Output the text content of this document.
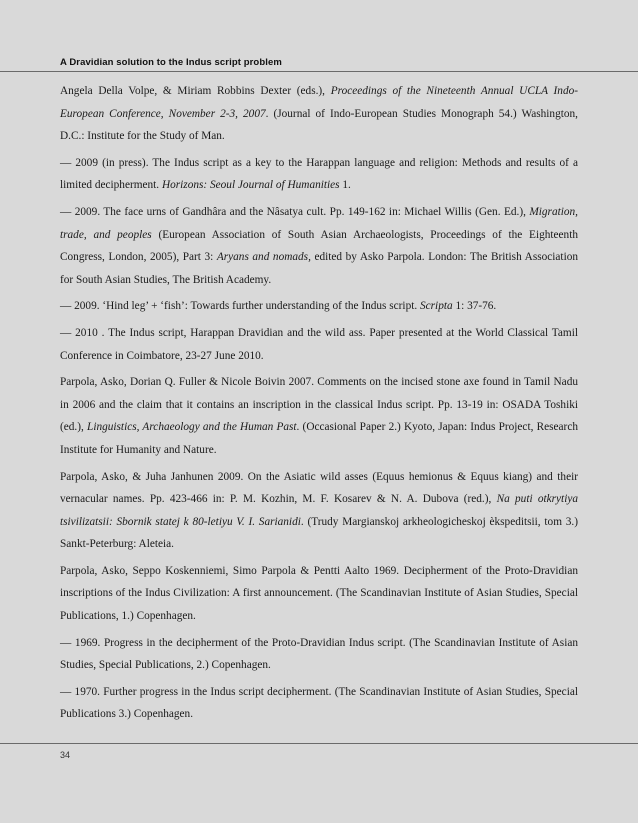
A Dravidian solution to the Indus script problem

Angela Della Volpe, & Miriam Robbins Dexter (eds.), Proceedings of the Nineteenth Annual UCLA Indo-European Conference, November 2-3, 2007. (Journal of Indo-European Studies Monograph 54.) Washington, D.C.: Institute for the Study of Man.

— 2009 (in press). The Indus script as a key to the Harappan language and religion: Methods and results of a limited decipherment. Horizons: Seoul Journal of Humanities 1.

— 2009. The face urns of Gandhâra and the Nâsatya cult. Pp. 149-162 in: Michael Willis (Gen. Ed.), Migration, trade, and peoples (European Association of South Asian Archaeologists, Proceedings of the Eighteenth Congress, London, 2005), Part 3: Aryans and nomads, edited by Asko Parpola. London: The British Association for South Asian Studies, The British Academy.

— 2009. ‘Hind leg’ + ‘fish’: Towards further understanding of the Indus script. Scripta 1: 37-76.

— 2010 . The Indus script, Harappan Dravidian and the wild ass. Paper presented at the World Classical Tamil Conference in Coimbatore, 23-27 June 2010.

Parpola, Asko, Dorian Q. Fuller & Nicole Boivin 2007. Comments on the incised stone axe found in Tamil Nadu in 2006 and the claim that it contains an inscription in the classical Indus script. Pp. 13-19 in: OSADA Toshiki (ed.), Linguistics, Archaeology and the Human Past. (Occasional Paper 2.) Kyoto, Japan: Indus Project, Research Institute for Humanity and Nature.

Parpola, Asko, & Juha Janhunen 2009. On the Asiatic wild asses (Equus hemionus & Equus kiang) and their vernacular names. Pp. 423-466 in: P. M. Kozhin, M. F. Kosarev & N. A. Dubova (red.), Na puti otkrytiya tsivilizatsii: Sbornik statej k 80-letiyu V. I. Sarianidi. (Trudy Margianskoj arkheologicheskoj èkspeditsii, tom 3.) Sankt-Peterburg: Aleteia.

Parpola, Asko, Seppo Koskenniemi, Simo Parpola & Pentti Aalto 1969. Decipherment of the Proto-Dravidian inscriptions of the Indus Civilization: A first announcement. (The Scandinavian Institute of Asian Studies, Special Publications, 1.) Copenhagen.

— 1969. Progress in the decipherment of the Proto-Dravidian Indus script. (The Scandinavian Institute of Asian Studies, Special Publications, 2.) Copenhagen.

— 1970. Further progress in the Indus script decipherment. (The Scandinavian Institute of Asian Studies, Special Publications 3.) Copenhagen.

34
